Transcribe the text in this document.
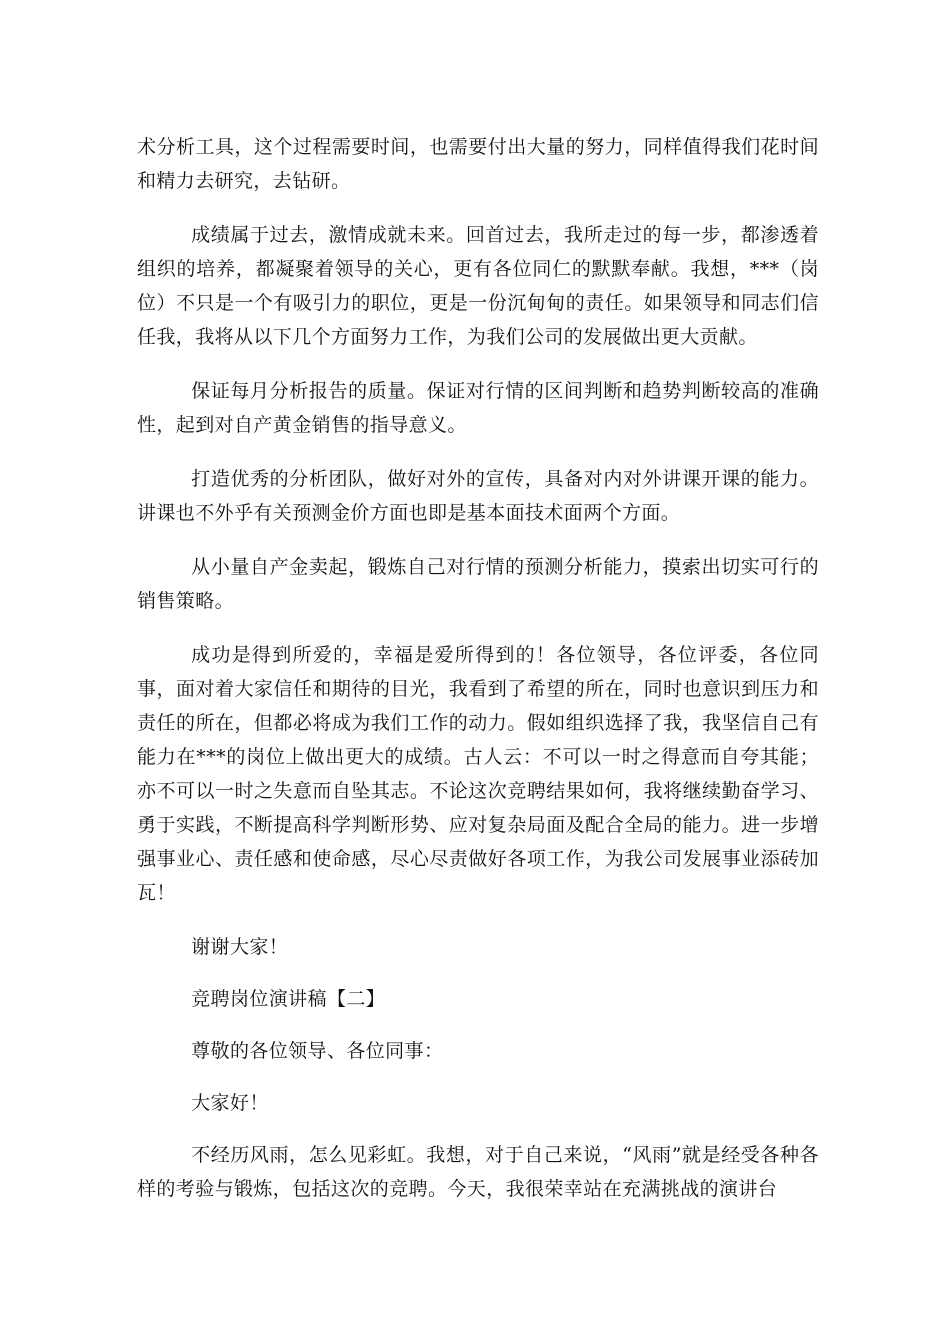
术分析工具，这个过程需要时间，也需要付出大量的努力，同样值得我们花时间和精力去研究，去钻研。

成绩属于过去，激情成就未来。回首过去，我所走过的每一步，都渗透着组织的培养，都凝聚着领导的关心，更有各位同仁的默默奉献。我想，***（岗位）不只是一个有吸引力的职位，更是一份沉甸甸的责任。如果领导和同志们信任我，我将从以下几个方面努力工作，为我们公司的发展做出更大贡献。

保证每月分析报告的质量。保证对行情的区间判断和趋势判断较高的准确性，起到对自产黄金销售的指导意义。

打造优秀的分析团队，做好对外的宣传，具备对内对外讲课开课的能力。讲课也不外乎有关预测金价方面也即是基本面技术面两个方面。

从小量自产金卖起，锻炼自己对行情的预测分析能力，摸索出切实可行的销售策略。

成功是得到所爱的，幸福是爱所得到的！各位领导，各位评委，各位同事，面对着大家信任和期待的目光，我看到了希望的所在，同时也意识到压力和责任的所在，但都必将成为我们工作的动力。假如组织选择了我，我坚信自己有能力在***的岗位上做出更大的成绩。古人云：不可以一时之得意而自夸其能；亦不可以一时之失意而自坠其志。不论这次竞聘结果如何，我将继续勤奋学习、勇于实践，不断提高科学判断形势、应对复杂局面及配合全局的能力。进一步增强事业心、责任感和使命感，尽心尽责做好各项工作，为我公司发展事业添砖加瓦！

谢谢大家！

竞聘岗位演讲稿【二】

尊敬的各位领导、各位同事：

大家好！

不经历风雨，怎么见彩虹。我想，对于自己来说，“风雨”就是经受各种各样的考验与锻炼，包括这次的竞聘。今天，我很荣幸站在充满挑战的演讲台
